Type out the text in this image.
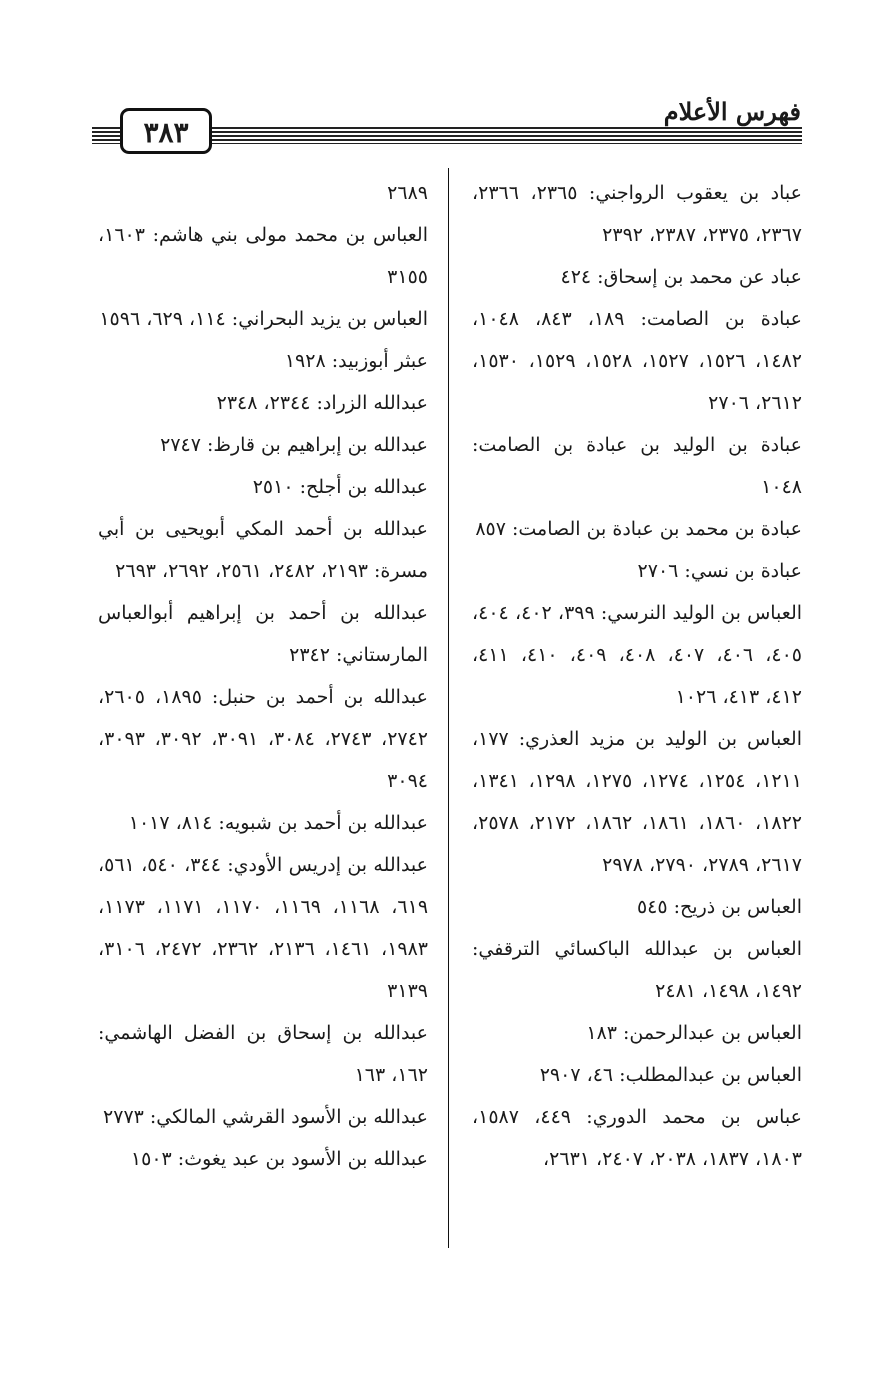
فهرس الأعلام
٣٨٣

عباد بن يعقوب الرواجني: ٢٣٦٥، ٢٣٦٦، ٢٣٦٧، ٢٣٧٥، ٢٣٨٧، ٢٣٩٢

عباد عن محمد بن إسحاق: ٤٢٤

عبادة بن الصامت: ١٨٩، ٨٤٣، ١٠٤٨، ١٤٨٢، ١٥٢٦، ١٥٢٧، ١٥٢٨، ١٥٢٩، ١٥٣٠، ٢٦١٢، ٢٧٠٦

عبادة بن الوليد بن عبادة بن الصامت: ١٠٤٨

عبادة بن محمد بن عبادة بن الصامت: ٨٥٧

عبادة بن نسي: ٢٧٠٦

العباس بن الوليد النرسي: ٣٩٩، ٤٠٢، ٤٠٤، ٤٠٥، ٤٠٦، ٤٠٧، ٤٠٨، ٤٠٩، ٤١٠، ٤١١، ٤١٢، ٤١٣، ١٠٢٦

العباس بن الوليد بن مزيد العذري: ١٧٧، ١٢١١، ١٢٥٤، ١٢٧٤، ١٢٧٥، ١٢٩٨، ١٣٤١، ١٨٢٢، ١٨٦٠، ١٨٦١، ١٨٦٢، ٢١٧٢، ٢٥٧٨، ٢٦١٧، ٢٧٨٩، ٢٧٩٠، ٢٩٧٨

العباس بن ذريح: ٥٤٥

العباس بن عبدالله الباكسائي الترقفي: ١٤٩٢، ١٤٩٨، ٢٤٨١

العباس بن عبدالرحمن: ١٨٣

العباس بن عبدالمطلب: ٤٦، ٢٩٠٧

عباس بن محمد الدوري: ٤٤٩، ١٥٨٧، ١٨٠٣، ١٨٣٧، ٢٠٣٨، ٢٤٠٧، ٢٦٣١،

٢٦٨٩

العباس بن محمد مولى بني هاشم: ١٦٠٣، ٣١٥٥

العباس بن يزيد البحراني: ١١٤، ٦٢٩، ١٥٩٦

عبثر أبوزبيد: ١٩٢٨

عبدالله الزراد: ٢٣٤٤، ٢٣٤٨

عبدالله بن إبراهيم بن قارظ: ٢٧٤٧

عبدالله بن أجلح: ٢٥١٠

عبدالله بن أحمد المكي أبويحيى بن أبي مسرة: ٢١٩٣، ٢٤٨٢، ٢٥٦١، ٢٦٩٢، ٢٦٩٣

عبدالله بن أحمد بن إبراهيم أبوالعباس المارستاني: ٢٣٤٢

عبدالله بن أحمد بن حنبل: ١٨٩٥، ٢٦٠٥، ٢٧٤٢، ٢٧٤٣، ٣٠٨٤، ٣٠٩١، ٣٠٩٢، ٣٠٩٣، ٣٠٩٤

عبدالله بن أحمد بن شبويه: ٨١٤، ١٠١٧

عبدالله بن إدريس الأودي: ٣٤٤، ٥٤٠، ٥٦١، ٦١٩، ١١٦٨، ١١٦٩، ١١٧٠، ١١٧١، ١١٧٣، ١٩٨٣، ١٤٦١، ٢١٣٦، ٢٣٦٢، ٢٤٧٢، ٣١٠٦، ٣١٣٩

عبدالله بن إسحاق بن الفضل الهاشمي: ١٦٢، ١٦٣

عبدالله بن الأسود القرشي المالكي: ٢٧٧٣

عبدالله بن الأسود بن عبد يغوث: ١٥٠٣
